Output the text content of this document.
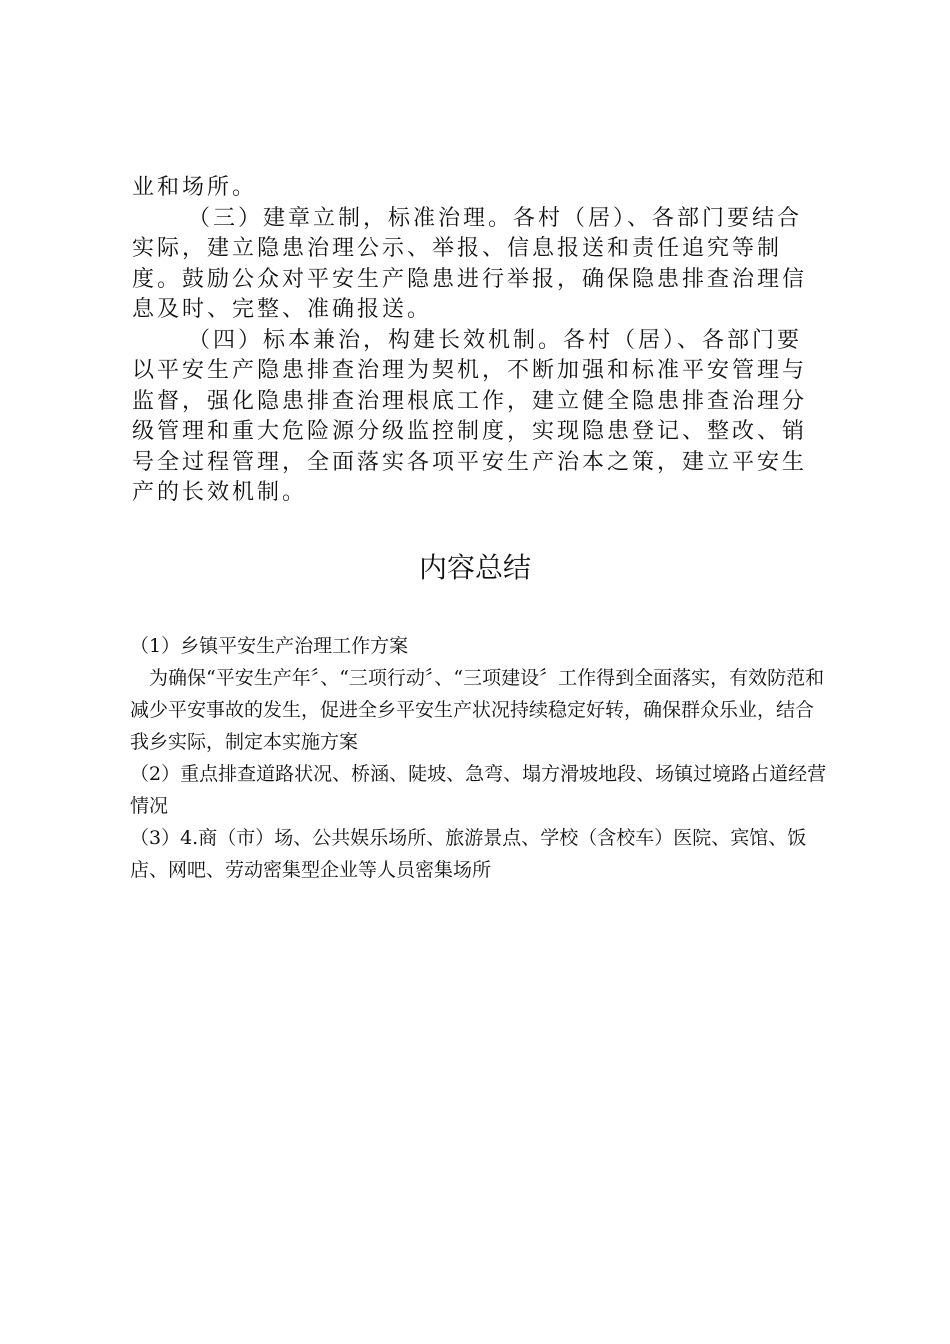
业和场所。

（三）建章立制，标准治理。各村（居）、各部门要结合实际，建立隐患治理公示、举报、信息报送和责任追究等制度。鼓励公众对平安生产隐患进行举报，确保隐患排查治理信息及时、完整、准确报送。

（四）标本兼治，构建长效机制。各村（居）、各部门要以平安生产隐患排查治理为契机，不断加强和标准平安管理与监督，强化隐患排查治理根底工作，建立健全隐患排查治理分级管理和重大危险源分级监控制度，实现隐患登记、整改、销号全过程管理，全面落实各项平安生产治本之策，建立平安生产的长效机制。

内容总结

（1）乡镇平安生产治理工作方案

为确保“平安生产年〞、“三项行动〞、“三项建设〞工作得到全面落实，有效防范和减少平安事故的发生，促进全乡平安生产状况持续稳定好转，确保群众乐业，结合我乡实际，制定本实施方案

（2）重点排查道路状况、桥涵、陡坡、急弯、塌方滑坡地段、场镇过境路占道经营情况

（3）4.商（市）场、公共娱乐场所、旅游景点、学校（含校车）医院、宾馆、饭店、网吧、劳动密集型企业等人员密集场所
